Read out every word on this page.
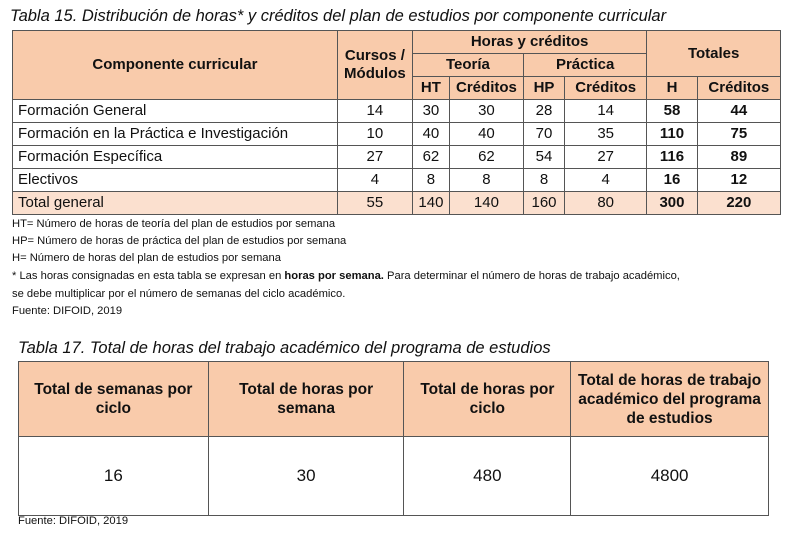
Tabla 15. Distribución de horas* y créditos del plan de estudios por componente curricular
Componente curricular	Cursos / Módulos	Horas y créditos				Totales	
		Teoría		Práctica			
		HT	Créditos	HP	Créditos	H	Créditos
Formación General	14	30	30	28	14	58	44
Formación en la Práctica e Investigación	10	40	40	70	35	110	75
Formación Específica	27	62	62	54	27	116	89
Electivos	4	8	8	8	4	16	12
Total general	55	140	140	160	80	300	220
HT= Número de horas de teoría del plan de estudios por semana
HP= Número de horas de práctica del plan de estudios por semana
H= Número de horas del plan de estudios por semana
* Las horas consignadas en esta tabla se expresan en horas por semana. Para determinar el número de horas de trabajo académico,
se debe multiplicar por el número de semanas del ciclo académico.
Fuente: DIFOID, 2019
Tabla 17. Total de horas del trabajo académico del programa de estudios
Total de semanas por ciclo	Total de horas por semana	Total de horas por ciclo	Total de horas de trabajo académico del programa de estudios
16	30	480	4800
Fuente: DIFOID, 2019
